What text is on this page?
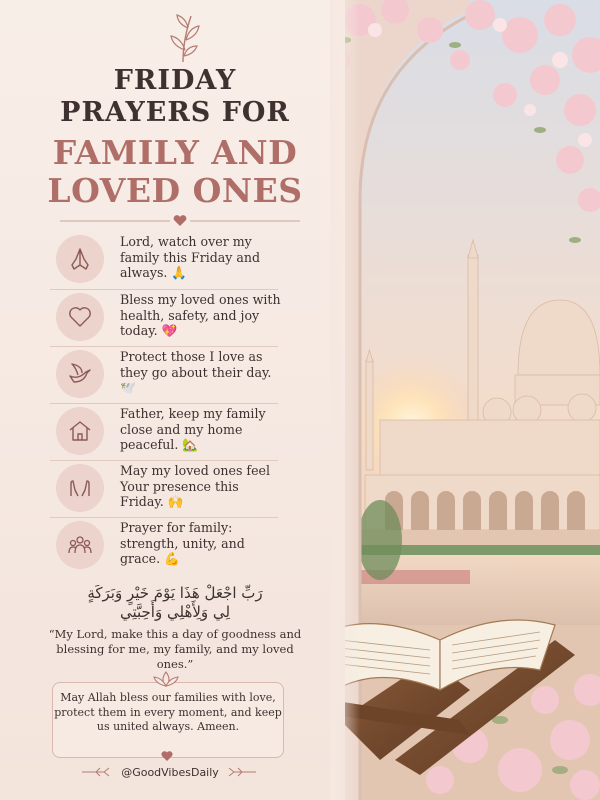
FRIDAY
PRAYERS FOR
FAMILY AND
LOVED ONES
Lord, watch over my family this Friday and always. 🙏
Bless my loved ones with health, safety, and joy today. 💖
Protect those I love as they go about their day. 🕊️
Father, keep my family close and my home peaceful. 🏡
May my loved ones feel Your presence this Friday. 🙌
Prayer for family: strength, unity, and grace. 💪
رَبِّ اجْعَلْ هَذَا يَوْمَ خَيْرٍ وَبَرَكَةٍ
لِي وَلِأَهْلِي وَأَحِبَّتِي
“My Lord, make this a day of goodness and blessing for me, my family, and my loved ones.”
May Allah bless our families with love, protect them in every moment, and keep us united always. Ameen.
@GoodVibesDaily
